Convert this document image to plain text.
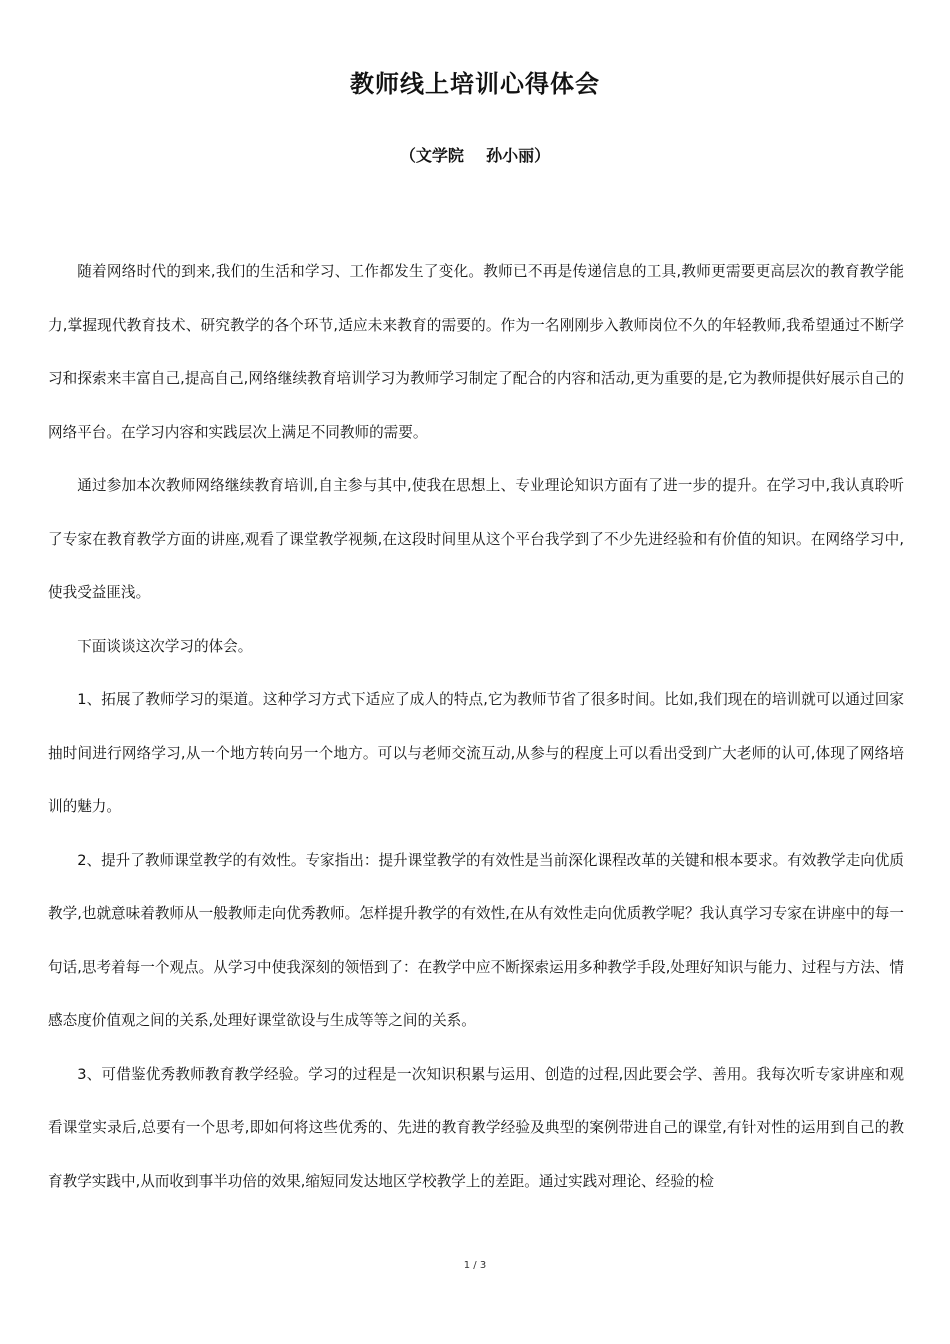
教师线上培训心得体会
（文学院    孙小丽）

随着网络时代的到来,我们的生活和学习、工作都发生了变化。教师已不再是传递信息的工具,教师更需要更高层次的教育教学能力,掌握现代教育技术、研究教学的各个环节,适应未来教育的需要的。作为一名刚刚步入教师岗位不久的年轻教师,我希望通过不断学习和探索来丰富自己,提高自己,网络继续教育培训学习为教师学习制定了配合的内容和活动,更为重要的是,它为教师提供好展示自己的网络平台。在学习内容和实践层次上满足不同教师的需要。

通过参加本次教师网络继续教育培训,自主参与其中,使我在思想上、专业理论知识方面有了进一步的提升。在学习中,我认真聆听了专家在教育教学方面的讲座,观看了课堂教学视频,在这段时间里从这个平台我学到了不少先进经验和有价值的知识。在网络学习中,使我受益匪浅。

下面谈谈这次学习的体会。

1、拓展了教师学习的渠道。这种学习方式下适应了成人的特点,它为教师节省了很多时间。比如,我们现在的培训就可以通过回家抽时间进行网络学习,从一个地方转向另一个地方。可以与老师交流互动,从参与的程度上可以看出受到广大老师的认可,体现了网络培训的魅力。

2、提升了教师课堂教学的有效性。专家指出：提升课堂教学的有效性是当前深化课程改革的关键和根本要求。有效教学走向优质教学,也就意味着教师从一般教师走向优秀教师。怎样提升教学的有效性,在从有效性走向优质教学呢？我认真学习专家在讲座中的每一句话,思考着每一个观点。从学习中使我深刻的领悟到了：在教学中应不断探索运用多种教学手段,处理好知识与能力、过程与方法、情感态度价值观之间的关系,处理好课堂欲设与生成等等之间的关系。

3、可借鉴优秀教师教育教学经验。学习的过程是一次知识积累与运用、创造的过程,因此要会学、善用。我每次听专家讲座和观看课堂实录后,总要有一个思考,即如何将这些优秀的、先进的教育教学经验及典型的案例带进自己的课堂,有针对性的运用到自己的教育教学实践中,从而收到事半功倍的效果,缩短同发达地区学校教学上的差距。通过实践对理论、经验的检

1 / 3
